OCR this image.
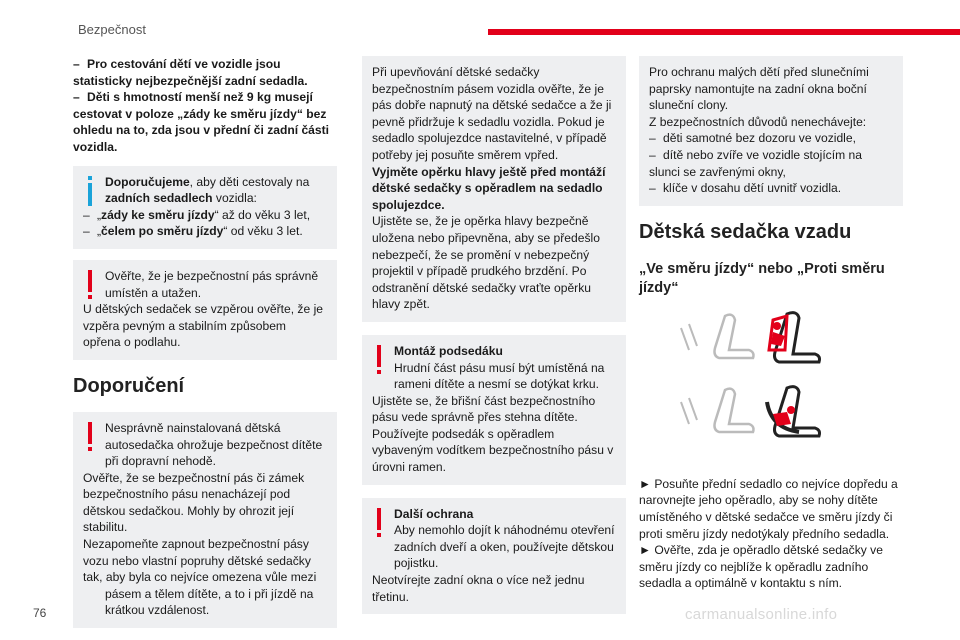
Bezpečnost

– Pro cestování dětí ve vozidle jsou statisticky nejbezpečnější zadní sedadla.

– Děti s hmotností menší než 9 kg musejí cestovat v poloze „zády ke směru jízdy“ bez ohledu na to, zda jsou v přední či zadní části vozidla.

Doporučujeme, aby děti cestovaly na zadních sedadlech vozidla:
– „zády ke směru jízdy“ až do věku 3 let,
– „čelem po směru jízdy“ od věku 3 let.
Ověřte, že je bezpečnostní pás správně umístěn a utažen.
U dětských sedaček se vzpěrou ověřte, že je vzpěra pevným a stabilním způsobem opřena o podlahu.
Doporučení
Nesprávně nainstalovaná dětská autosedačka ohrožuje bezpečnost dítěte při dopravní nehodě.
Ověřte, že se bezpečnostní pás či zámek bezpečnostního pásu nenacházejí pod dětskou sedačkou. Mohly by ohrozit její stabilitu.
Nezapomeňte zapnout bezpečnostní pásy vozu nebo vlastní popruhy dětské sedačky tak, aby byla co nejvíce omezena vůle mezi
pásem a tělem dítěte, a to i při jízdě na krátkou vzdálenost.
Při upevňování dětské sedačky bezpečnostním pásem vozidla ověřte, že je pás dobře napnutý na dětské sedačce a že ji pevně přidržuje k sedadlu vozidla. Pokud je sedadlo spolujezdce nastavitelné, v případě potřeby jej posuňte směrem vpřed.
Vyjměte opěrku hlavy ještě před montáží dětské sedačky s opěradlem na sedadlo spolujezdce.
Ujistěte se, že je opěrka hlavy bezpečně uložena nebo připevněna, aby se předešlo nebezpečí, že se promění v nebezpečný projektil v případě prudkého brzdění. Po odstranění dětské sedačky vraťte opěrku hlavy zpět.
Montáž podsedáku
Hrudní část pásu musí být umístěná na rameni dítěte a nesmí se dotýkat krku.
Ujistěte se, že břišní část bezpečnostního pásu vede správně přes stehna dítěte. Používejte podsedák s opěradlem vybaveným vodítkem bezpečnostního pásu v úrovni ramen.
Další ochrana
Aby nemohlo dojít k náhodnému otevření zadních dveří a oken, používejte dětskou pojistku.
Neotvírejte zadní okna o více než jednu třetinu.
Pro ochranu malých dětí před slunečními paprsky namontujte na zadní okna boční sluneční clony.
Z bezpečnostních důvodů nenechávejte:
– děti samotné bez dozoru ve vozidle,
– dítě nebo zvíře ve vozidle stojícím na slunci se zavřenými okny,
– klíče v dosahu dětí uvnitř vozidla.
Dětská sedačka vzadu
„Ve směru jízdy“ nebo „Proti směru jízdy“

► Posuňte přední sedadlo co nejvíce dopředu a narovnejte jeho opěradlo, aby se nohy dítěte umístěného v dětské sedačce ve směru jízdy či proti směru jízdy nedotýkaly předního sedadla.

► Ověřte, zda je opěradlo dětské sedačky ve směru jízdy co nejblíže k opěradlu zadního sedadla a optimálně v kontaktu s ním.

76	carmanualsonline.info
